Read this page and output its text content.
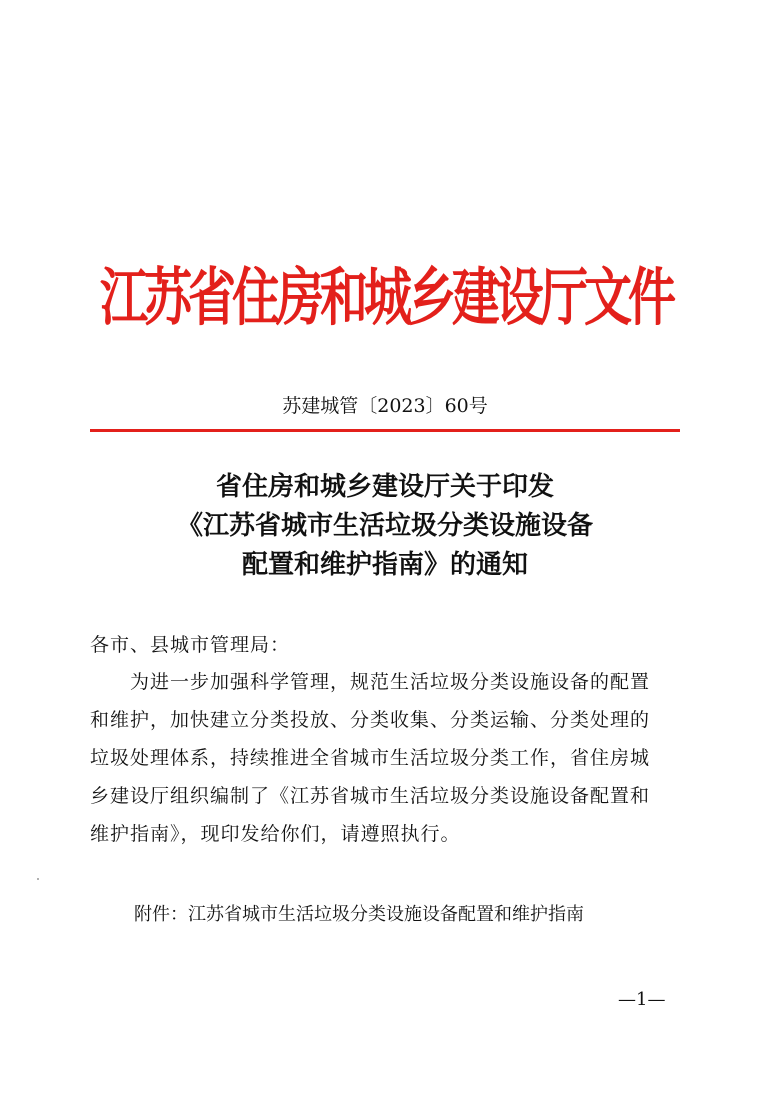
江苏省住房和城乡建设厅文件
苏建城管〔2023〕60号
省住房和城乡建设厅关于印发
《江苏省城市生活垃圾分类设施设备
配置和维护指南》的通知
各市、县城市管理局：
为进一步加强科学管理，规范生活垃圾分类设施设备的配置
和维护，加快建立分类投放、分类收集、分类运输、分类处理的
垃圾处理体系，持续推进全省城市生活垃圾分类工作，省住房城
乡建设厅组织编制了《江苏省城市生活垃圾分类设施设备配置和
维护指南》，现印发给你们，请遵照执行。
附件：江苏省城市生活垃圾分类设施设备配置和维护指南
—1—
